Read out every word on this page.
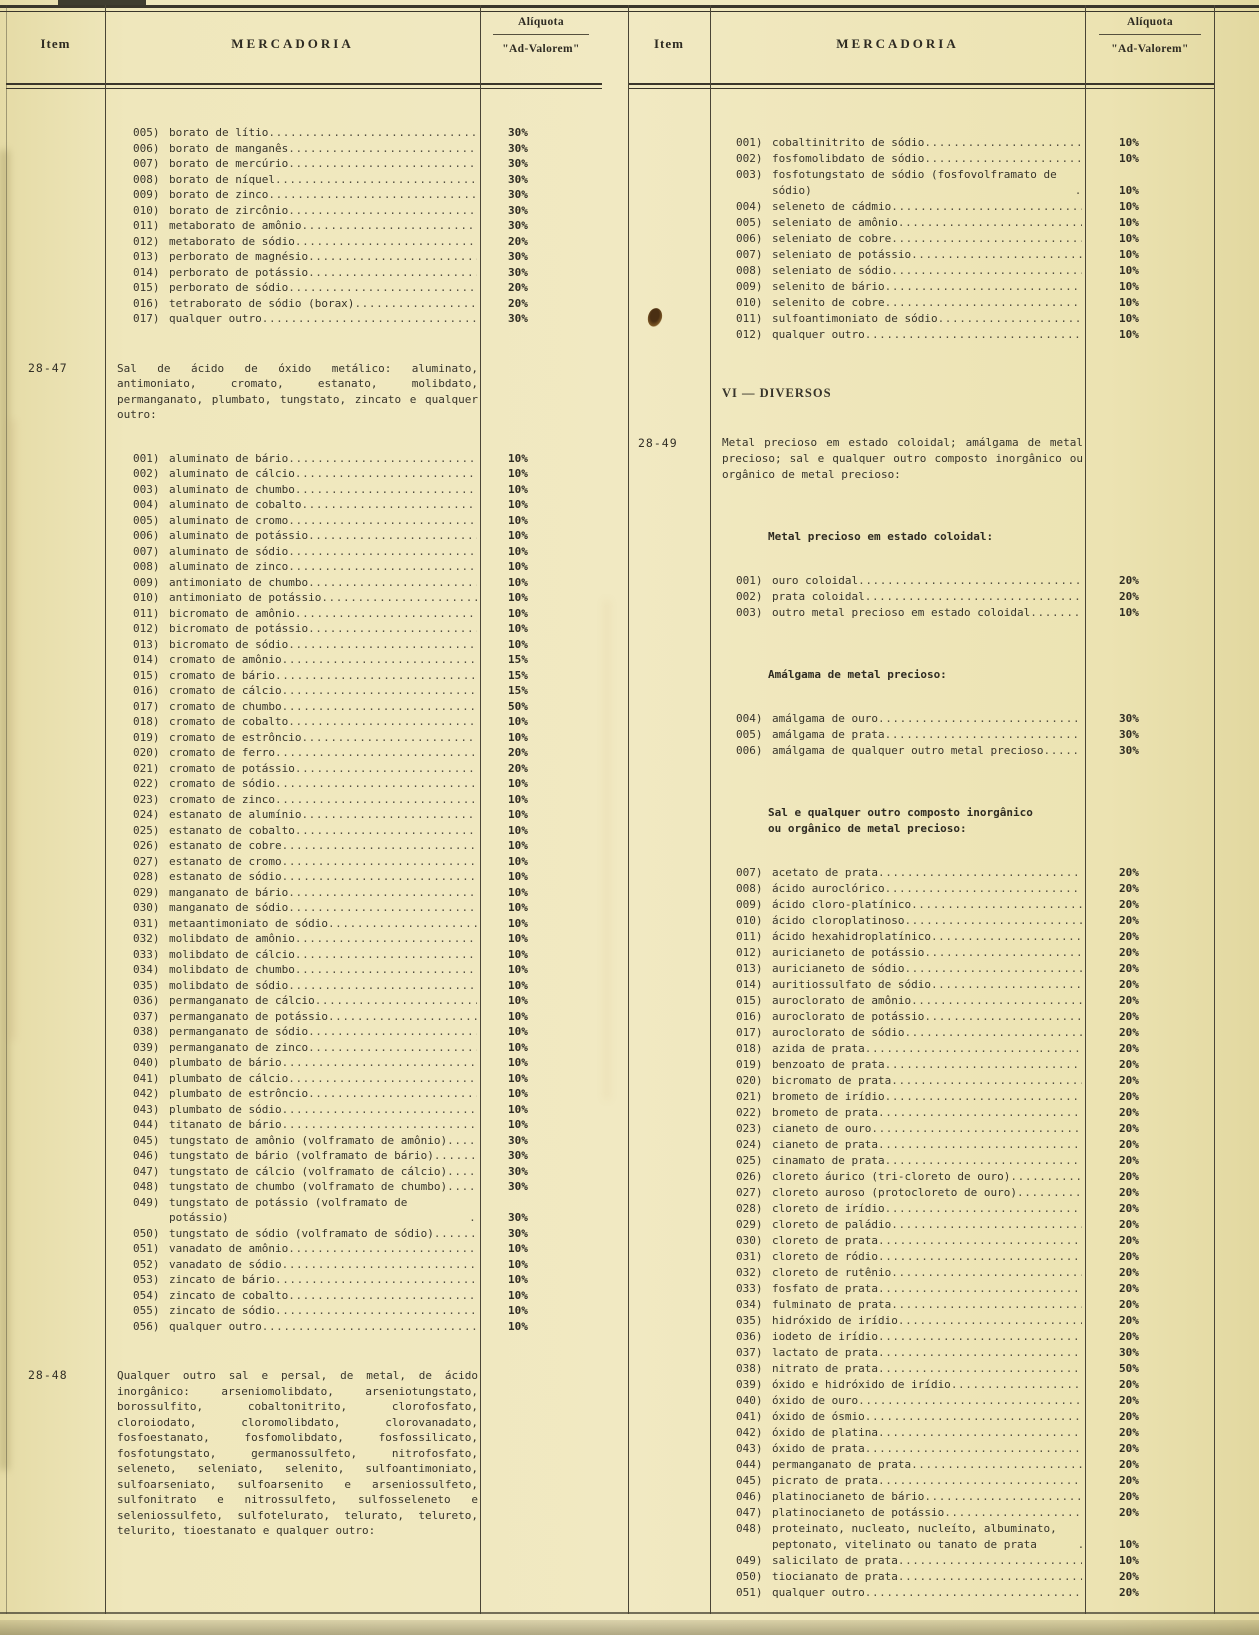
Item	MERCADORIA
Alíquota
"Ad-Valorem"
005) borato de lítio .....	30%
006) borato de manganês .....	30%
007) borato de mercúrio .....	30%
008) borato de níquel .....	30%
009) borato de zinco .....	30%
010) borato de zircônio .....	30%
011) metaborato de amônio .....	30%
012) metaborato de sódio .....	20%
013) perborato de magnésio .....	30%
014) perborato de potássio .....	30%
015) perborato de sódio .....	20%
016) tetraborato de sódio (borax) .....	20%
017) qualquer outro .....	30%
28-47	Sal de ácido de óxido metálico: aluminato, antimoniato, cromato, estanato, molibdato, permanganato, plumbato, tungstato, zincato e qualquer outro:
001) aluminato de bário .....	10%
002) aluminato de cálcio .....	10%
003) aluminato de chumbo .....	10%
004) aluminato de cobalto .....	10%
005) aluminato de cromo .....	10%
006) aluminato de potássio .....	10%
007) aluminato de sódio .....	10%
008) aluminato de zinco .....	10%
009) antimoniato de chumbo .....	10%
010) antimoniato de potássio .....	10%
011) bicromato de amônio .....	10%
012) bicromato de potássio .....	10%
013) bicromato de sódio .....	10%
014) cromato de amônio .....	15%
015) cromato de bário .....	15%
016) cromato de cálcio .....	15%
017) cromato de chumbo .....	50%
018) cromato de cobalto .....	10%
019) cromato de estrôncio .....	10%
020) cromato de ferro .....	20%
021) cromato de potássio .....	20%
022) cromato de sódio .....	10%
023) cromato de zinco .....	10%
024) estanato de alumínio .....	10%
025) estanato de cobalto .....	10%
026) estanato de cobre .....	10%
027) estanato de cromo .....	10%
028) estanato de sódio .....	10%
029) manganato de bário .....	10%
030) manganato de sódio .....	10%
031) metaantimoniato de sódio .....	10%
032) molibdato de amônio .....	10%
033) molibdato de cálcio .....	10%
034) molibdato de chumbo .....	10%
035) molibdato de sódio .....	10%
036) permanganato de cálcio .....	10%
037) permanganato de potássio .....	10%
038) permanganato de sódio .....	10%
039) permanganato de zinco .....	10%
040) plumbato de bário .....	10%
041) plumbato de cálcio .....	10%
042) plumbato de estrôncio .....	10%
043) plumbato de sódio .....	10%
044) titanato de bário .....	10%
045) tungstato de amônio (volframato de amônio) .....	30%
046) tungstato de bário (volframato de bário) .....	30%
047) tungstato de cálcio (volframato de cálcio) .....	30%
048) tungstato de chumbo (volframato de chumbo) .....	30%
049) tungstato de potássio (volframato de potássio) .....	30%
050) tungstato de sódio (volframato de sódio) .....	30%
051) vanadato de amônio .....	10%
052) vanadato de sódio .....	10%
053) zincato de bário .....	10%
054) zincato de cobalto .....	10%
055) zincato de sódio .....	10%
056) qualquer outro .....	10%
28-48	Qualquer outro sal e persal, de metal, de ácido inorgânico: arseniomolibdato, arseniotungstato, borossulfito, cobaltonitrito, clorofosfato, cloroiodato, cloromolibdato, clorovanadato, fosfoestanato, fosfomolibdato, fosfossilicato, fosfotungstato, germanossulfeto, nitrofosfato, seleneto, seleniato, selenito, sulfoantimoniato, sulfoarseniato, sulfoarsenito e arseniossulfeto, sulfonitrato e nitrossulfeto, sulfosseleneto e seleniossulfeto, sulfotelurato, telurato, telureto, telurito, tioestanato e qualquer outro:
Item	MERCADORIA
Alíquota
"Ad-Valorem"
001) cobaltinitrito de sódio .....	10%
002) fosfomolibdato de sódio .....	10%
003) fosfotungstato de sódio (fosfovolframato de sódio) .....	10%
004) seleneto de cádmio .....	10%
005) seleniato de amônio .....	10%
006) seleniato de cobre .....	10%
007) seleniato de potássio .....	10%
008) seleniato de sódio .....	10%
009) selenito de bário .....	10%
010) selenito de cobre .....	10%
011) sulfoantimoniato de sódio .....	10%
012) qualquer outro .....	10%
VI — DIVERSOS
28-49	Metal precioso em estado coloidal; amálgama de metal precioso; sal e qualquer outro composto inorgânico ou orgânico de metal precioso:
Metal precioso em estado coloidal:
001) ouro coloidal .....	20%
002) prata coloidal .....	20%
003) outro metal precioso em estado coloidal .....	10%
Amálgama de metal precioso:
004) amálgama de ouro .....	30%
005) amálgama de prata .....	30%
006) amálgama de qualquer outro metal precioso .....	30%
Sal e qualquer outro composto inorgânico ou orgânico de metal precioso:
007) acetato de prata .....	20%
008) ácido auroclórico .....	20%
009) ácido cloro-platínico .....	20%
010) ácido cloroplatinoso .....	20%
011) ácido hexahidroplatínico .....	20%
012) auricianeto de potássio .....	20%
013) auricianeto de sódio .....	20%
014) auritiossulfato de sódio .....	20%
015) auroclorato de amônio .....	20%
016) auroclorato de potássio .....	20%
017) auroclorato de sódio .....	20%
018) azida de prata .....	20%
019) benzoato de prata .....	20%
020) bicromato de prata .....	20%
021) brometo de irídio .....	20%
022) brometo de prata .....	20%
023) cianeto de ouro .....	20%
024) cianeto de prata .....	20%
025) cinamato de prata .....	20%
026) cloreto áurico (tri-cloreto de ouro) .....	20%
027) cloreto auroso (protocloreto de ouro) .....	20%
028) cloreto de irídio .....	20%
029) cloreto de paládio .....	20%
030) cloreto de prata .....	20%
031) cloreto de ródio .....	20%
032) cloreto de rutênio .....	20%
033) fosfato de prata .....	20%
034) fulminato de prata .....	20%
035) hidróxido de irídio .....	20%
036) iodeto de irídio .....	20%
037) lactato de prata .....	30%
038) nitrato de prata .....	50%
039) óxido e hidróxido de irídio .....	20%
040) óxido de ouro .....	20%
041) óxido de ósmio .....	20%
042) óxido de platina .....	20%
043) óxido de prata .....	20%
044) permanganato de prata .....	20%
045) picrato de prata .....	20%
046) platinocianeto de bário .....	20%
047) platinocianeto de potássio .....	20%
048) proteinato, nucleato, nucleíto, albuminato, peptonato, vitelinato ou tanato de prata .....	10%
049) salicilato de prata .....	10%
050) tiocianato de prata .....	20%
051) qualquer outro .....	20%
